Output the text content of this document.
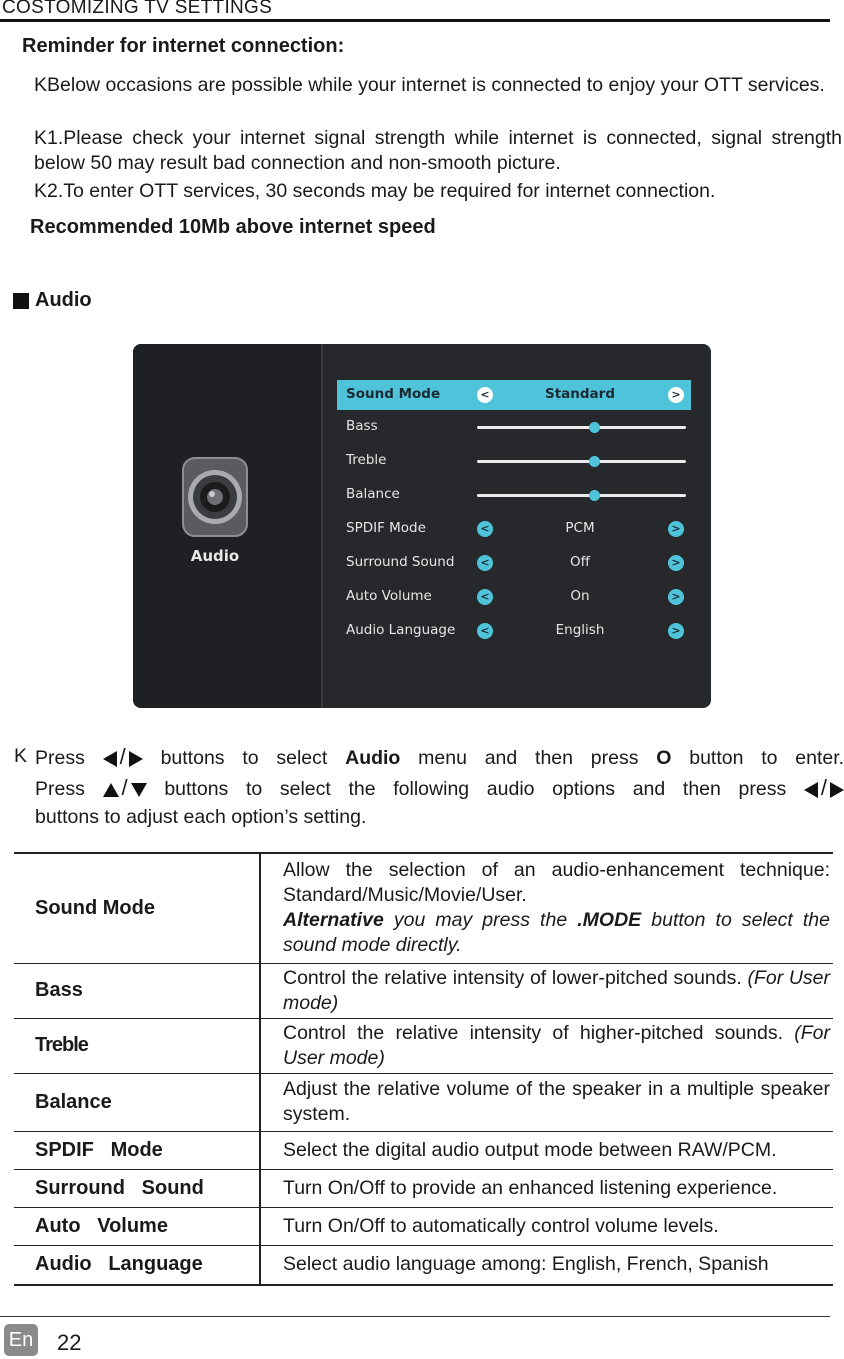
COSTOMIZING TV SETTINGS
Reminder for internet connection:
KBelow occasions are possible while your internet is connected to enjoy your OTT services.
K1.Please check your internet signal strength while internet is connected, signal strength below 50 may result bad connection and non-smooth picture.
K2.To enter OTT services, 30 seconds may be required for internet connection.
Recommended 10Mb above internet speed
Audio
Audio
Sound Mode	<	Standard	>
Bass
Treble
Balance
SPDIF Mode	<	PCM	>
Surround Sound	<	Off	>
Auto Volume	<	On	>
Audio Language	<	English	>
K Press / buttons to select Audio menu and then press O button to enter.
Press / buttons to select the following audio options and then press /
buttons to adjust each option’s setting.
Sound Mode	Allow the selection of an audio-enhancement technique: Standard/Music/Movie/User.
Alternative you may press the .MODE button to select the sound mode directly.
Bass	Control the relative intensity of lower-pitched sounds. (For User mode)
Treble	Control the relative intensity of higher-pitched sounds. (For User mode)
Balance	Adjust the relative volume of the speaker in a multiple speaker system.
SPDIF   Mode	Select the digital audio output mode between RAW/PCM.
Surround   Sound	Turn On/Off to provide an enhanced listening experience.
Auto   Volume	Turn On/Off to automatically control volume levels.
Audio   Language	Select audio language among: English, French, Spanish
En 22
